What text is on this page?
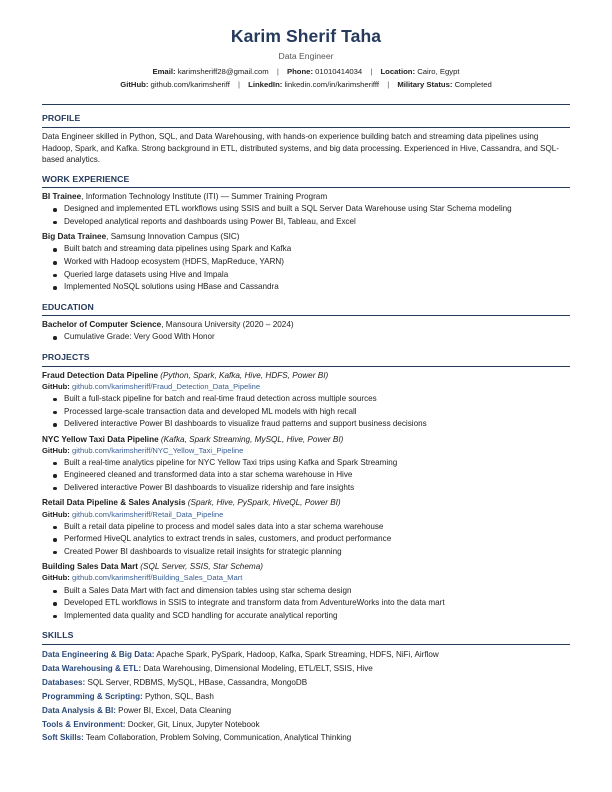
Karim Sherif Taha
Data Engineer
Email: karimsheriff28@gmail.com | Phone: 01010414034 | Location: Cairo, Egypt
GitHub: github.com/karimsheriff | LinkedIn: linkedin.com/in/karimsherifff | Military Status: Completed
PROFILE
Data Engineer skilled in Python, SQL, and Data Warehousing, with hands-on experience building batch and streaming data pipelines using Hadoop, Spark, and Kafka. Strong background in ETL, distributed systems, and big data processing. Experienced in Hive, Cassandra, and SQL-based analytics.
WORK EXPERIENCE
BI Trainee, Information Technology Institute (ITI) — Summer Training Program
Designed and implemented ETL workflows using SSIS and built a SQL Server Data Warehouse using Star Schema modeling
Developed analytical reports and dashboards using Power BI, Tableau, and Excel
Big Data Trainee, Samsung Innovation Campus (SIC)
Built batch and streaming data pipelines using Spark and Kafka
Worked with Hadoop ecosystem (HDFS, MapReduce, YARN)
Queried large datasets using Hive and Impala
Implemented NoSQL solutions using HBase and Cassandra
EDUCATION
Bachelor of Computer Science, Mansoura University (2020 – 2024)
Cumulative Grade: Very Good With Honor
PROJECTS
Fraud Detection Data Pipeline (Python, Spark, Kafka, Hive, HDFS, Power BI)
GitHub: github.com/karimsheriff/Fraud_Detection_Data_Pipeline
Built a full-stack pipeline for batch and real-time fraud detection across multiple sources
Processed large-scale transaction data and developed ML models with high recall
Delivered interactive Power BI dashboards to visualize fraud patterns and support business decisions
NYC Yellow Taxi Data Pipeline (Kafka, Spark Streaming, MySQL, Hive, Power BI)
GitHub: github.com/karimsheriff/NYC_Yellow_Taxi_Pipeline
Built a real-time analytics pipeline for NYC Yellow Taxi trips using Kafka and Spark Streaming
Engineered cleaned and transformed data into a star schema warehouse in Hive
Delivered interactive Power BI dashboards to visualize ridership and fare insights
Retail Data Pipeline & Sales Analysis (Spark, Hive, PySpark, HiveQL, Power BI)
GitHub: github.com/karimsheriff/Retail_Data_Pipeline
Built a retail data pipeline to process and model sales data into a star schema warehouse
Performed HiveQL analytics to extract trends in sales, customers, and product performance
Created Power BI dashboards to visualize retail insights for strategic planning
Building Sales Data Mart (SQL Server, SSIS, Star Schema)
GitHub: github.com/karimsheriff/Building_Sales_Data_Mart
Built a Sales Data Mart with fact and dimension tables using star schema design
Developed ETL workflows in SSIS to integrate and transform data from AdventureWorks into the data mart
Implemented data quality and SCD handling for accurate analytical reporting
SKILLS
Data Engineering & Big Data: Apache Spark, PySpark, Hadoop, Kafka, Spark Streaming, HDFS, NiFi, Airflow
Data Warehousing & ETL: Data Warehousing, Dimensional Modeling, ETL/ELT, SSIS, Hive
Databases: SQL Server, RDBMS, MySQL, HBase, Cassandra, MongoDB
Programming & Scripting: Python, SQL, Bash
Data Analysis & BI: Power BI, Excel, Data Cleaning
Tools & Environment: Docker, Git, Linux, Jupyter Notebook
Soft Skills: Team Collaboration, Problem Solving, Communication, Analytical Thinking
